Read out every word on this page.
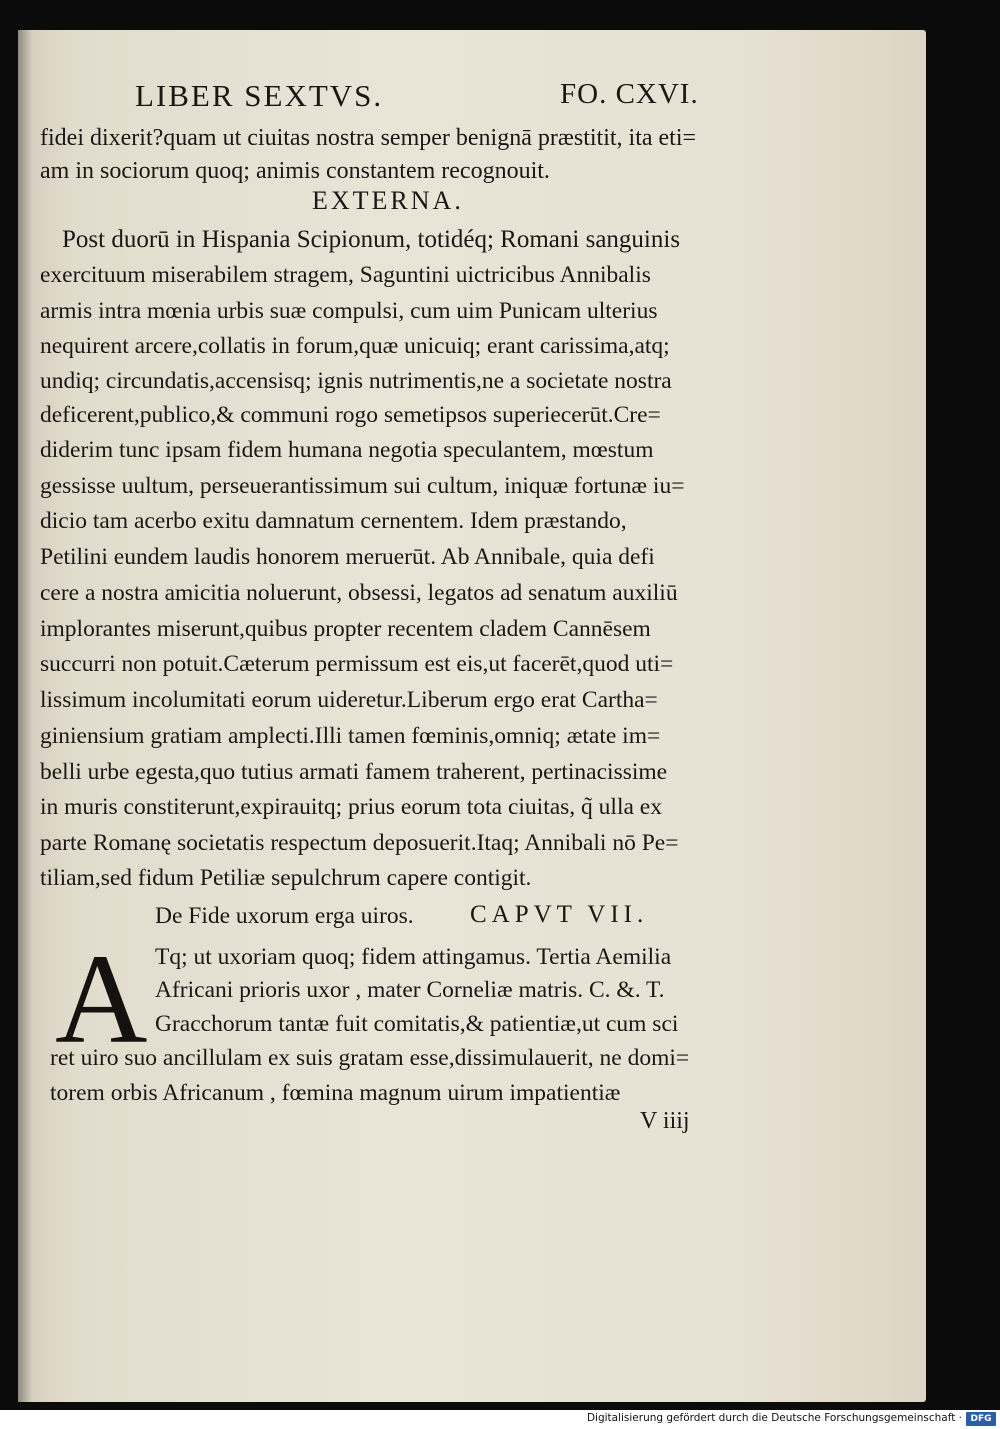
LIBER SEXTVS.	FO. CXVI.
fidei dixerit?quam ut ciuitas nostra semper benignā præstitit, ita eti=
am in sociorum quoq; animis constantem recognouit.
EXTERNA.
Post duorū in Hispania Scipionum, totidéq; Romani sanguinis
exercituum miserabilem stragem, Saguntini uictricibus Annibalis
armis intra mœnia urbis suæ compulsi, cum uim Punicam ulterius
nequirent arcere,collatis in forum,quæ unicuiq; erant carissima,atq;
undiq; circundatis,accensisq; ignis nutrimentis,ne a societate nostra
deficerent,publico,& communi rogo semetipsos superiecerūt.Cre=
diderim tunc ipsam fidem humana negotia speculantem, mœstum
gessisse uultum, perseuerantissimum sui cultum, iniquæ fortunæ iu=
dicio tam acerbo exitu damnatum cernentem. Idem præstando,
Petilini eundem laudis honorem meruerūt. Ab Annibale, quia defi
cere a nostra amicitia noluerunt, obsessi, legatos ad senatum auxiliū
implorantes miserunt,quibus propter recentem cladem Cannēsem
succurri non potuit.Cæterum permissum est eis,ut facerēt,quod uti=
lissimum incolumitati eorum uideretur.Liberum ergo erat Cartha=
giniensium gratiam amplecti.Illi tamen fœminis,omniq; ætate im=
belli urbe egesta,quo tutius armati famem traherent, pertinacissime
in muris constiterunt,expirauitq; prius eorum tota ciuitas, q̃ ulla ex
parte Romanę societatis respectum deposuerit.Itaq; Annibali nō Pe=
tiliam,sed fidum Petiliæ sepulchrum capere contigit.
De Fide uxorum erga uiros. CAPVT VII.
A Tq; ut uxoriam quoq; fidem attingamus. Tertia Aemilia
Africani prioris uxor , mater Corneliæ matris. C. &. T.
Gracchorum tantæ fuit comitatis,& patientiæ,ut cum sci
ret uiro suo ancillulam ex suis gratam esse,dissimulauerit, ne domi=
torem orbis Africanum , fœmina magnum uirum impatientiæ
V iiij
Digitalisierung gefördert durch die Deutsche Forschungsgemeinschaft · DFG
